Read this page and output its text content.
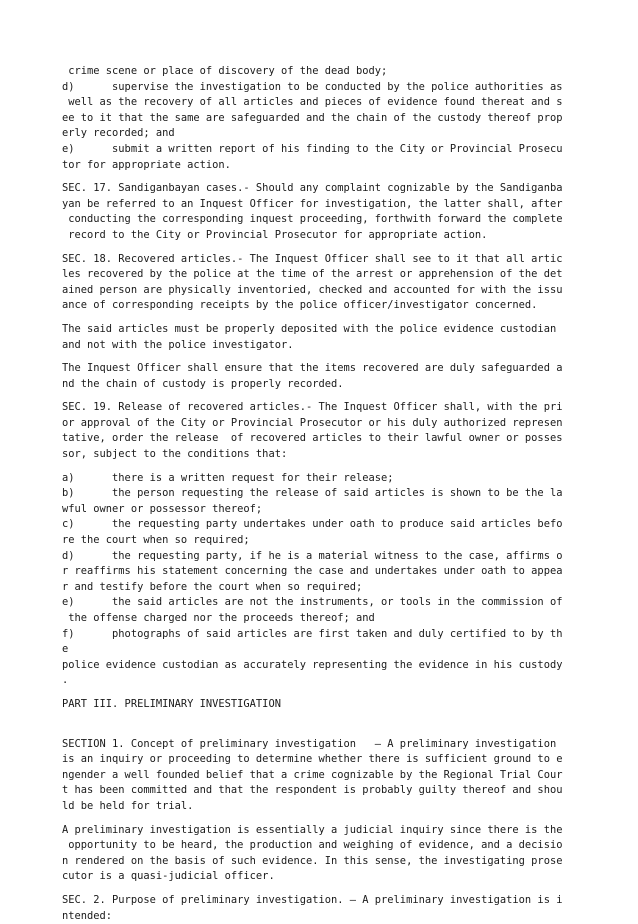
crime scene or place of discovery of the dead body;
d)      supervise the investigation to be conducted by the police authorities as
well as the recovery of all articles and pieces of evidence found thereat and s
ee to it that the same are safeguarded and the chain of the custody thereof prop
erly recorded; and
e)      submit a written report of his finding to the City or Provincial Prosecu
tor for appropriate action.
SEC. 17. Sandiganbayan cases.- Should any complaint cognizable by the Sandiganba
yan be referred to an Inquest Officer for investigation, the latter shall, after
conducting the corresponding inquest proceeding, forthwith forward the complete
record to the City or Provincial Prosecutor for appropriate action.
SEC. 18. Recovered articles.- The Inquest Officer shall see to it that all artic
les recovered by the police at the time of the arrest or apprehension of the det
ained person are physically inventoried, checked and accounted for with the issu
ance of corresponding receipts by the police officer/investigator concerned.
The said articles must be properly deposited with the police evidence custodian
and not with the police investigator.
The Inquest Officer shall ensure that the items recovered are duly safeguarded a
nd the chain of custody is properly recorded.
SEC. 19. Release of recovered articles.- The Inquest Officer shall, with the pri
or approval of the City or Provincial Prosecutor or his duly authorized represen
tative, order the release  of recovered articles to their lawful owner or posses
sor, subject to the conditions that:
a)      there is a written request for their release;
b)      the person requesting the release of said articles is shown to be the la
wful owner or possessor thereof;
c)      the requesting party undertakes under oath to produce said articles befo
re the court when so required;
d)      the requesting party, if he is a material witness to the case, affirms o
r reaffirms his statement concerning the case and undertakes under oath to appea
r and testify before the court when so required;
e)      the said articles are not the instruments, or tools in the commission of
the offense charged nor the proceeds thereof; and
f)      photographs of said articles are first taken and duly certified to by th
e
police evidence custodian as accurately representing the evidence in his custody
.
PART III. PRELIMINARY INVESTIGATION
SECTION 1. Concept of preliminary investigation   – A preliminary investigation
is an inquiry or proceeding to determine whether there is sufficient ground to e
ngender a well founded belief that a crime cognizable by the Regional Trial Cour
t has been committed and that the respondent is probably guilty thereof and shou
ld be held for trial.
A preliminary investigation is essentially a judicial inquiry since there is the
opportunity to be heard, the production and weighing of evidence, and a decisio
n rendered on the basis of such evidence. In this sense, the investigating prose
cutor is a quasi-judicial officer.
SEC. 2. Purpose of preliminary investigation. – A preliminary investigation is i
ntended:
